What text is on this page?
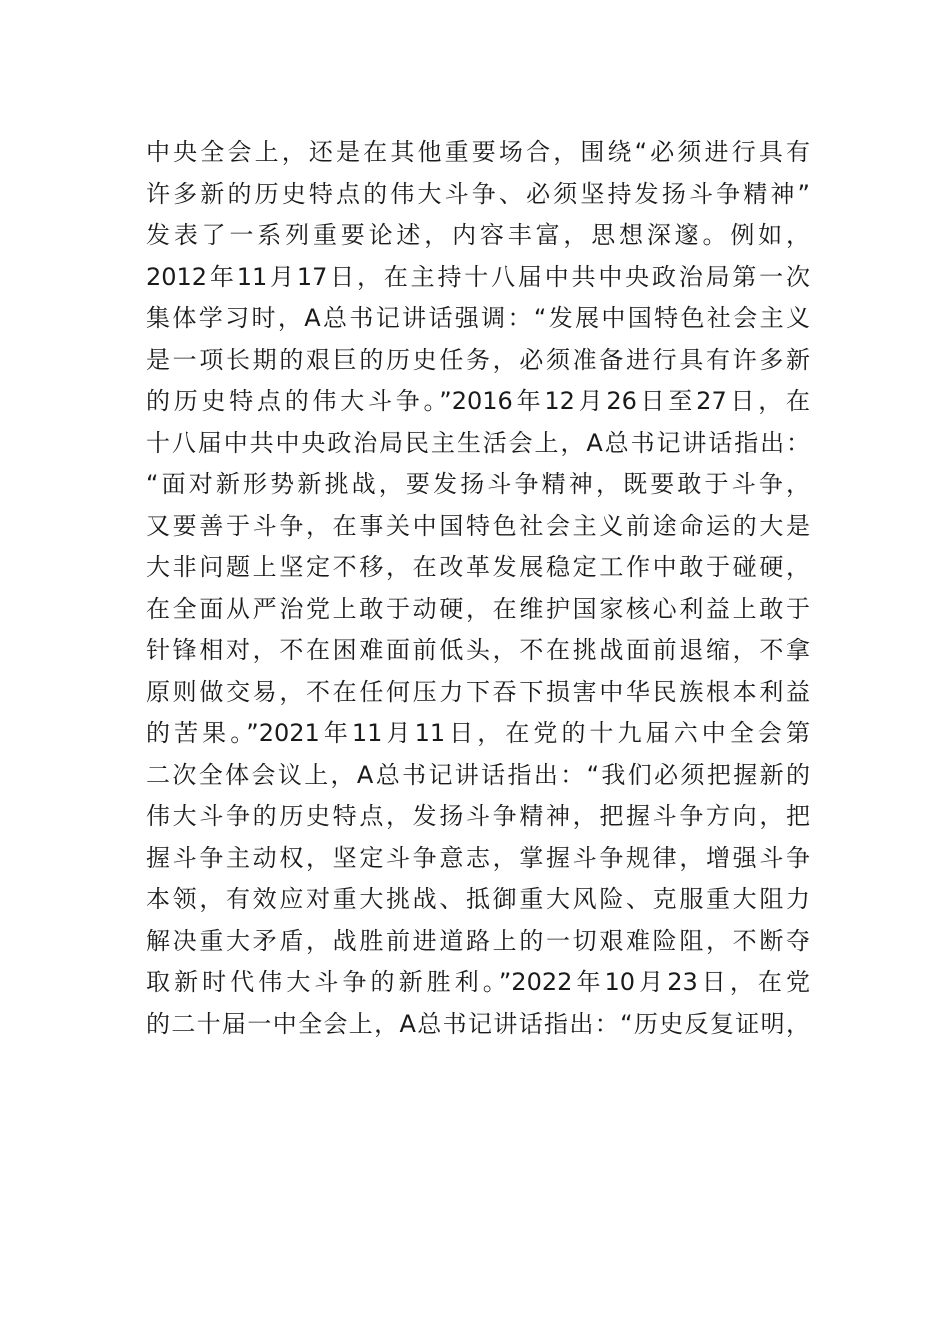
中央全会上，还是在其他重要场合，围绕“必须进行具有
许多新的历史特点的伟大斗争、必须坚持发扬斗争精神”
发表了一系列重要论述，内容丰富，思想深邃。例如，
2012年11月17日，在主持十八届中共中央政治局第一次
集体学习时，A总书记讲话强调：“发展中国特色社会主义
是一项长期的艰巨的历史任务，必须准备进行具有许多新
的历史特点的伟大斗争。”2016年12月26日至27日，在
十八届中共中央政治局民主生活会上，A总书记讲话指出：
“面对新形势新挑战，要发扬斗争精神，既要敢于斗争，
又要善于斗争，在事关中国特色社会主义前途命运的大是
大非问题上坚定不移，在改革发展稳定工作中敢于碰硬，
在全面从严治党上敢于动硬，在维护国家核心利益上敢于
针锋相对，不在困难面前低头，不在挑战面前退缩，不拿
原则做交易，不在任何压力下吞下损害中华民族根本利益
的苦果。”2021年11月11日，在党的十九届六中全会第
二次全体会议上，A总书记讲话指出：“我们必须把握新的
伟大斗争的历史特点，发扬斗争精神，把握斗争方向，把
握斗争主动权，坚定斗争意志，掌握斗争规律，增强斗争
本领，有效应对重大挑战、抵御重大风险、克服重大阻力
解决重大矛盾，战胜前进道路上的一切艰难险阻，不断夺
取新时代伟大斗争的新胜利。”2022年10月23日，在党
的二十届一中全会上，A总书记讲话指出：“历史反复证明，
